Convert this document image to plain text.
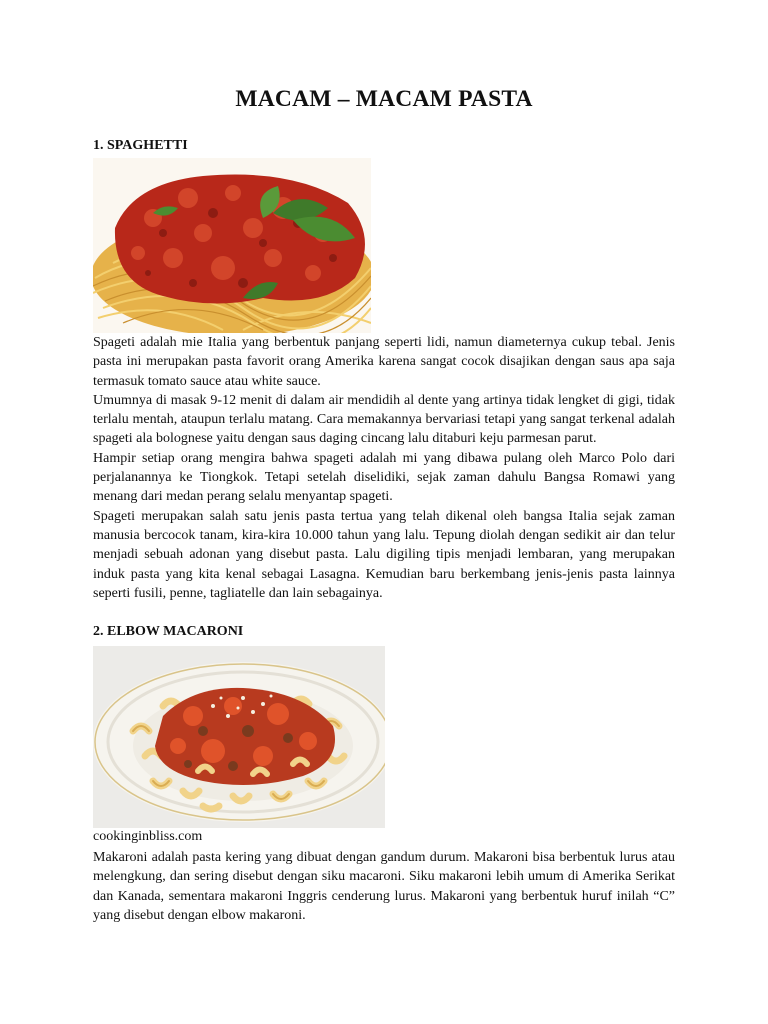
MACAM – MACAM PASTA
1. SPAGHETTI

Spageti adalah mie Italia yang berbentuk panjang seperti lidi, namun diameternya cukup tebal. Jenis pasta ini merupakan pasta favorit orang Amerika karena sangat cocok disajikan dengan saus apa saja termasuk tomato sauce atau white sauce.
Umumnya di masak 9-12 menit di dalam air mendidih al dente yang artinya tidak lengket di gigi, tidak terlalu mentah, ataupun terlalu matang. Cara memakannya bervariasi tetapi yang sangat terkenal adalah spageti ala bolognese yaitu dengan saus daging cincang lalu ditaburi keju parmesan parut.
Hampir setiap orang mengira bahwa spageti adalah mi yang dibawa pulang oleh Marco Polo dari perjalanannya ke Tiongkok. Tetapi setelah diselidiki, sejak zaman dahulu Bangsa Romawi yang menang dari medan perang selalu menyantap spageti.
Spageti merupakan salah satu jenis pasta tertua yang telah dikenal oleh bangsa Italia sejak zaman manusia bercocok tanam, kira-kira 10.000 tahun yang lalu. Tepung diolah dengan sedikit air dan telur menjadi sebuah adonan yang disebut pasta. Lalu digiling tipis menjadi lembaran, yang merupakan induk pasta yang kita kenal sebagai Lasagna. Kemudian baru berkembang jenis-jenis pasta lainnya seperti fusili, penne, tagliatelle dan lain sebagainya.

2. ELBOW MACARONI

cookinginbliss.com

Makaroni adalah pasta kering yang dibuat dengan gandum durum. Makaroni bisa berbentuk lurus atau melengkung, dan sering disebut dengan siku macaroni. Siku makaroni lebih umum di Amerika Serikat dan Kanada, sementara makaroni Inggris cenderung lurus. Makaroni yang berbentuk huruf inilah “C” yang disebut dengan elbow makaroni.
